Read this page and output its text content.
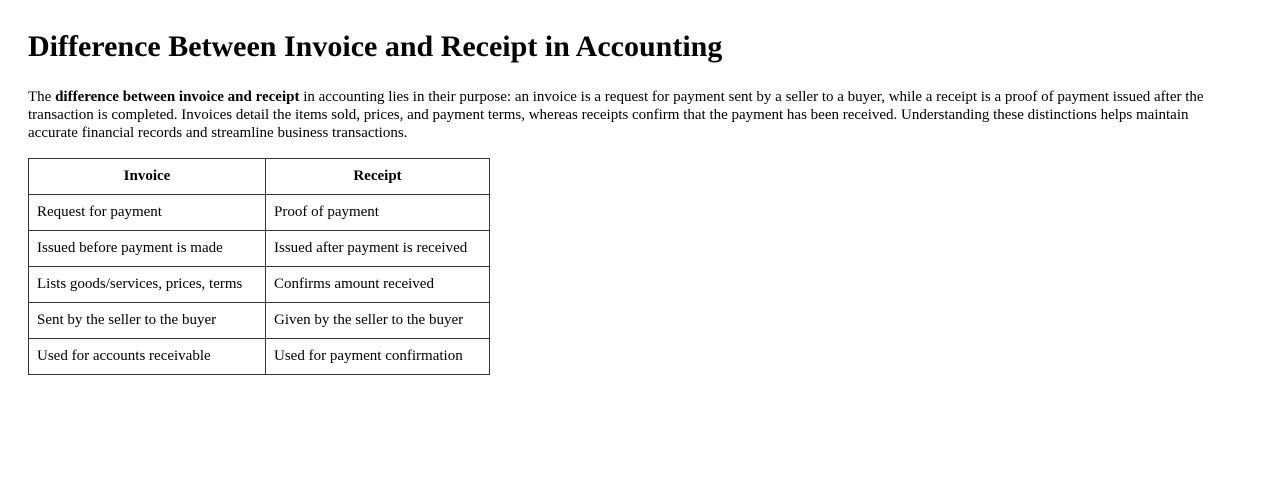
Difference Between Invoice and Receipt in Accounting

The difference between invoice and receipt in accounting lies in their purpose: an invoice is a request for payment sent by a seller to a buyer, while a receipt is a proof of payment issued after the transaction is completed. Invoices detail the items sold, prices, and payment terms, whereas receipts confirm that the payment has been received. Understanding these distinctions helps maintain accurate financial records and streamline business transactions.

Invoice	Receipt
Request for payment	Proof of payment
Issued before payment is made	Issued after payment is received
Lists goods/services, prices, terms	Confirms amount received
Sent by the seller to the buyer	Given by the seller to the buyer
Used for accounts receivable	Used for payment confirmation
